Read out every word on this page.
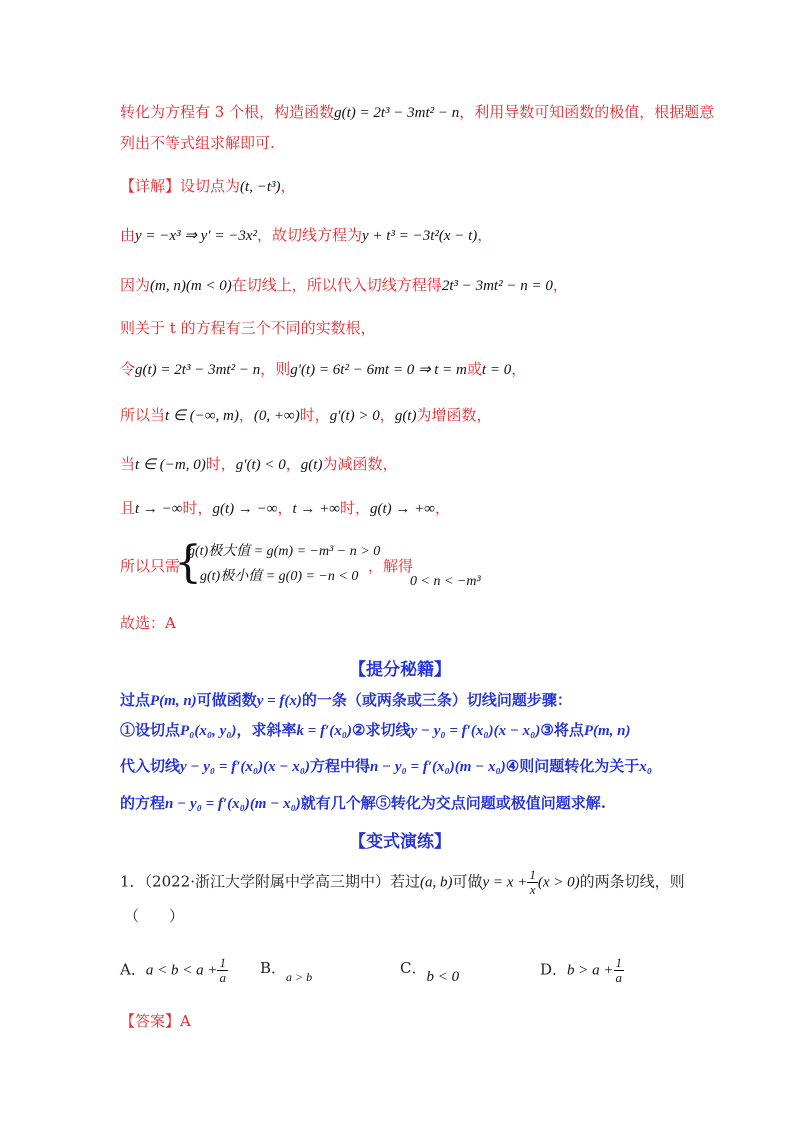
转化为方程有 3 个根，构造函数g(t) = 2t³ − 3mt² − n，利用导数可知函数的极值，根据题意
列出不等式组求解即可.
【详解】设切点为(t, −t³)，
由y = −x³ ⇒ y′ = −3x²，故切线方程为y + t³ = −3t²(x − t)，
因为(m, n)(m < 0)在切线上，所以代入切线方程得2t³ − 3mt² − n = 0，
则关于 t 的方程有三个不同的实数根，
令g(t) = 2t³ − 3mt² − n，则g′(t) = 6t² − 6mt = 0 ⇒ t = m或t = 0，
所以当t ∈ (−∞, m)，(0, +∞)时，g′(t) > 0，g(t)为增函数，
当t ∈ (−m, 0)时，g′(t) < 0，g(t)为减函数，
且t → −∞时，g(t) → −∞，t → +∞时，g(t) → +∞，
所以只需
{
g(t)极大值 = g(m) = −m³ − n > 0
g(t)极小值 = g(0) = −n < 0
，解得
0 < n < −m³
故选：A
【提分秘籍】
过点P(m, n)可做函数y = f(x)的一条（或两条或三条）切线问题步骤：
①设切点P₀(x₀, y₀)，求斜率k = f′(x₀)②求切线y − y₀ = f′(x₀)(x − x₀)③将点P(m, n)
代入切线y − y₀ = f′(x₀)(x − x₀)方程中得n − y₀ = f′(x₀)(m − x₀)④则问题转化为关于x₀
的方程n − y₀ = f′(x₀)(m − x₀)就有几个解⑤转化为交点问题或极值问题求解.
【变式演练】
1．（2022·浙江大学附属中学高三期中）若过(a, b)可做$y = x + \frac{1}{x} (x > 0)$的两条切线，则
（　　）
A．$a < b < a + \frac{1}{a}$ B．$_{a > b}$	C．b < 0	D．$b > a + \frac{1}{a}$
【答案】A
